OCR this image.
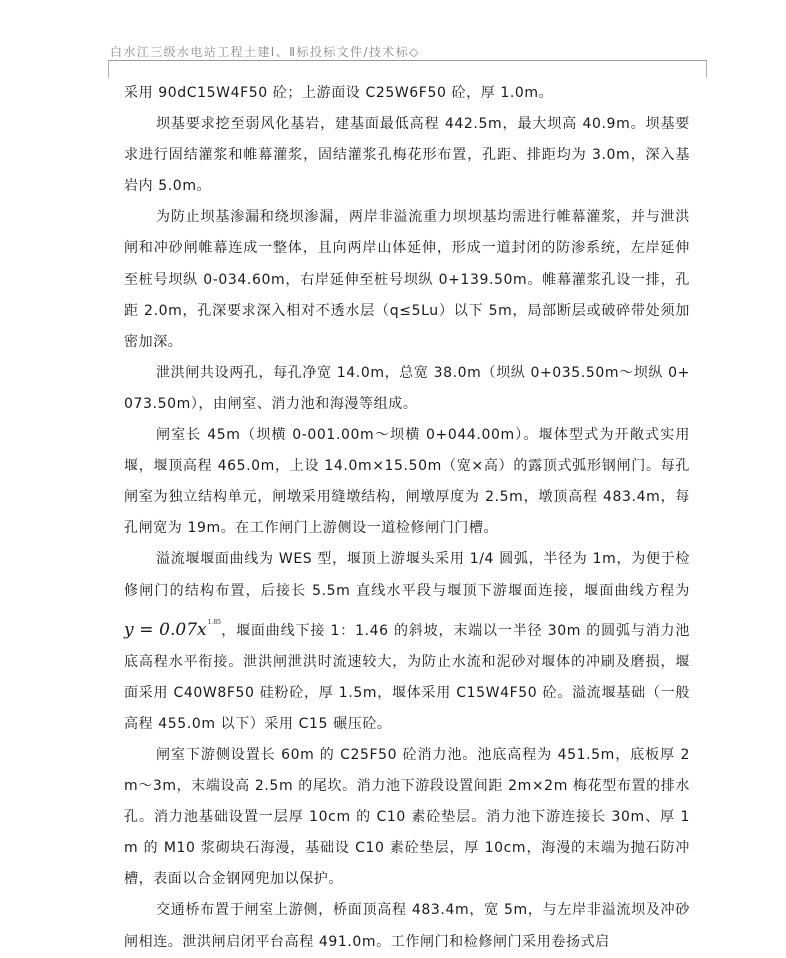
白水江三级水电站工程土建Ⅰ、Ⅱ标投标文件/技术标◇

采用 90dC15W4F50 砼；上游面设 C25W6F50 砼，厚 1.0m。

坝基要求挖至弱风化基岩，建基面最低高程 442.5m，最大坝高 40.9m。坝基要求进行固结灌浆和帷幕灌浆，固结灌浆孔梅花形布置，孔距、排距均为 3.0m，深入基岩内 5.0m。

为防止坝基渗漏和绕坝渗漏，两岸非溢流重力坝坝基均需进行帷幕灌浆，并与泄洪闸和冲砂闸帷幕连成一整体，且向两岸山体延伸，形成一道封闭的防渗系统，左岸延伸至桩号坝纵 0-034.60m，右岸延伸至桩号坝纵 0+139.50m。帷幕灌浆孔设一排，孔距 2.0m，孔深要求深入相对不透水层（q≤5Lu）以下 5m，局部断层或破碎带处须加密加深。

泄洪闸共设两孔，每孔净宽 14.0m，总宽 38.0m（坝纵 0+035.50m～坝纵 0+073.50m），由闸室、消力池和海漫等组成。

闸室长 45m（坝横 0-001.00m～坝横 0+044.00m）。堰体型式为开敞式实用堰，堰顶高程 465.0m，上设 14.0m×15.50m（宽×高）的露顶式弧形钢闸门。每孔闸室为独立结构单元，闸墩采用缝墩结构，闸墩厚度为 2.5m，墩顶高程 483.4m，每孔闸宽为 19m。在工作闸门上游侧设一道检修闸门门槽。

溢流堰堰面曲线为 WES 型，堰顶上游堰头采用 1/4 圆弧，半径为 1m，为便于检修闸门的结构布置，后接长 5.5m 直线水平段与堰顶下游堰面连接，堰面曲线方程为 $y = 0.07x^{1.85}$，堰面曲线下接 1：1.46 的斜坡，末端以一半径 30m 的圆弧与消力池底高程水平衔接。泄洪闸泄洪时流速较大，为防止水流和泥砂对堰体的冲刷及磨损，堰面采用 C40W8F50 硅粉砼，厚 1.5m，堰体采用 C15W4F50 砼。溢流堰基础（一般高程 455.0m 以下）采用 C15 碾压砼。

闸室下游侧设置长 60m 的 C25F50 砼消力池。池底高程为 451.5m，底板厚 2m～3m，末端设高 2.5m 的尾坎。消力池下游段设置间距 2m×2m 梅花型布置的排水孔。消力池基础设置一层厚 10cm 的 C10 素砼垫层。消力池下游连接长 30m、厚 1m 的 M10 浆砌块石海漫，基础设 C10 素砼垫层，厚 10cm，海漫的末端为抛石防冲槽，表面以合金钢网兜加以保护。

交通桥布置于闸室上游侧，桥面顶高程 483.4m，宽 5m，与左岸非溢流坝及冲砂闸相连。泄洪闸启闭平台高程 491.0m。工作闸门和检修闸门采用卷扬式启
